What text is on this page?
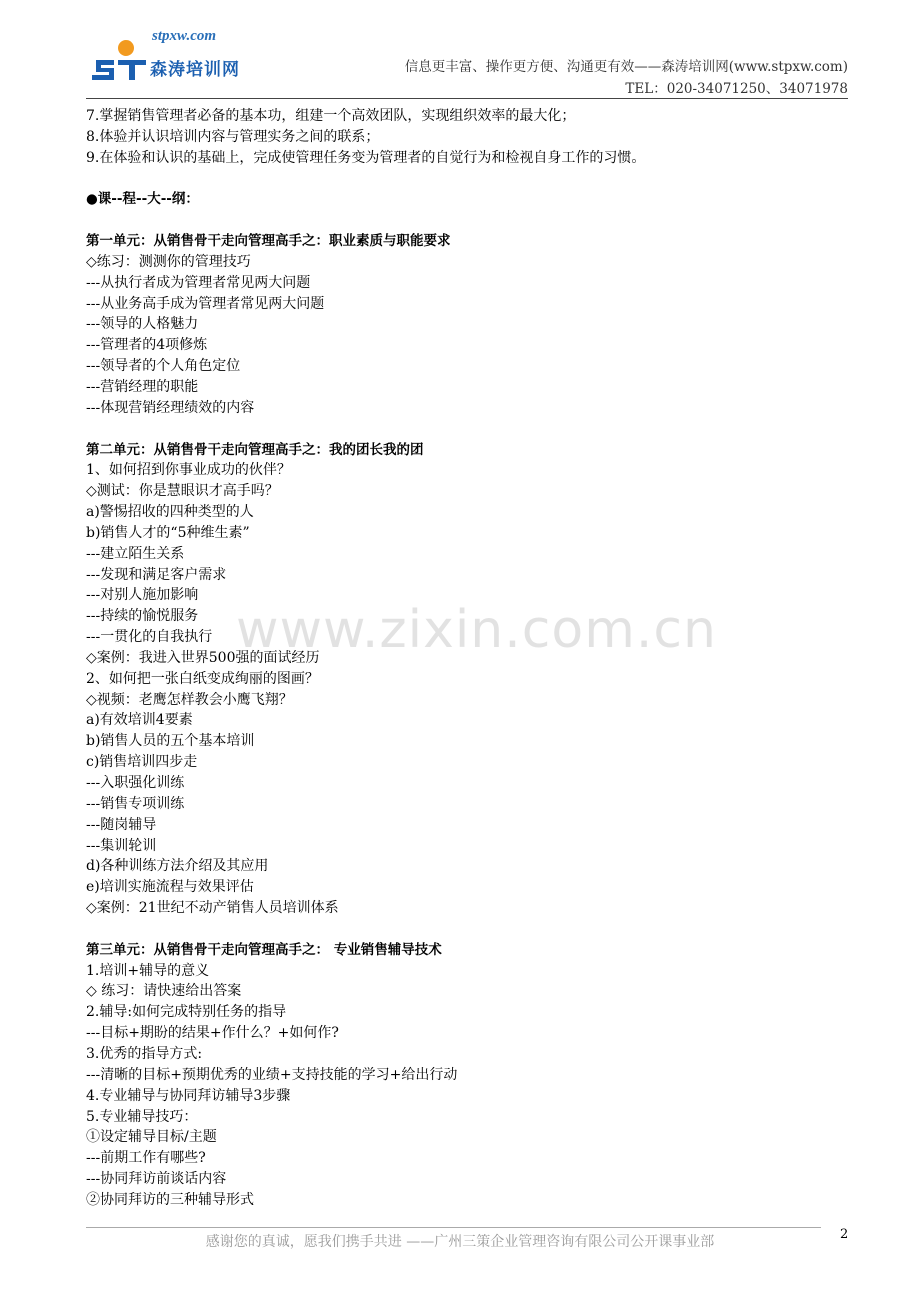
stpxw.com
森涛培训网	信息更丰富、操作更方便、沟通更有效——森涛培训网(www.stpxw.com)
TEL：020-34071250、34071978
7.掌握销售管理者必备的基本功，组建一个高效团队，实现组织效率的最大化；
8.体验并认识培训内容与管理实务之间的联系；
9.在体验和认识的基础上，完成使管理任务变为管理者的自觉行为和检视自身工作的习惯。
●课--程--大--纲：
第一单元：从销售骨干走向管理高手之：职业素质与职能要求
◇练习：测测你的管理技巧
---从执行者成为管理者常见两大问题
---从业务高手成为管理者常见两大问题
---领导的人格魅力
---管理者的4项修炼
---领导者的个人角色定位
---营销经理的职能
---体现营销经理绩效的内容
第二单元：从销售骨干走向管理高手之：我的团长我的团
1、如何招到你事业成功的伙伴？
◇测试：你是慧眼识才高手吗？
a)警惕招收的四种类型的人
b)销售人才的“5种维生素”
---建立陌生关系
---发现和满足客户需求
---对别人施加影响
---持续的愉悦服务
---一贯化的自我执行
◇案例：我进入世界500强的面试经历
2、如何把一张白纸变成绚丽的图画？
◇视频：老鹰怎样教会小鹰飞翔？
a)有效培训4要素
b)销售人员的五个基本培训
c)销售培训四步走
---入职强化训练
---销售专项训练
---随岗辅导
---集训轮训
d)各种训练方法介绍及其应用
e)培训实施流程与效果评估
◇案例：21世纪不动产销售人员培训体系
第三单元：从销售骨干走向管理高手之： 专业销售辅导技术
1.培训+辅导的意义
◇ 练习：请快速给出答案
2.辅导:如何完成特别任务的指导
---目标+期盼的结果+作什么？+如何作?
3.优秀的指导方式:
---清晰的目标+预期优秀的业绩+支持技能的学习+给出行动
4.专业辅导与协同拜访辅导3步骤
5.专业辅导技巧：
①设定辅导目标/主题
---前期工作有哪些?
---协同拜访前谈话内容
②协同拜访的三种辅导形式
www.zixin.com.cn
感谢您的真诚，愿我们携手共进 ——广州三策企业管理咨询有限公司公开课事业部	2
